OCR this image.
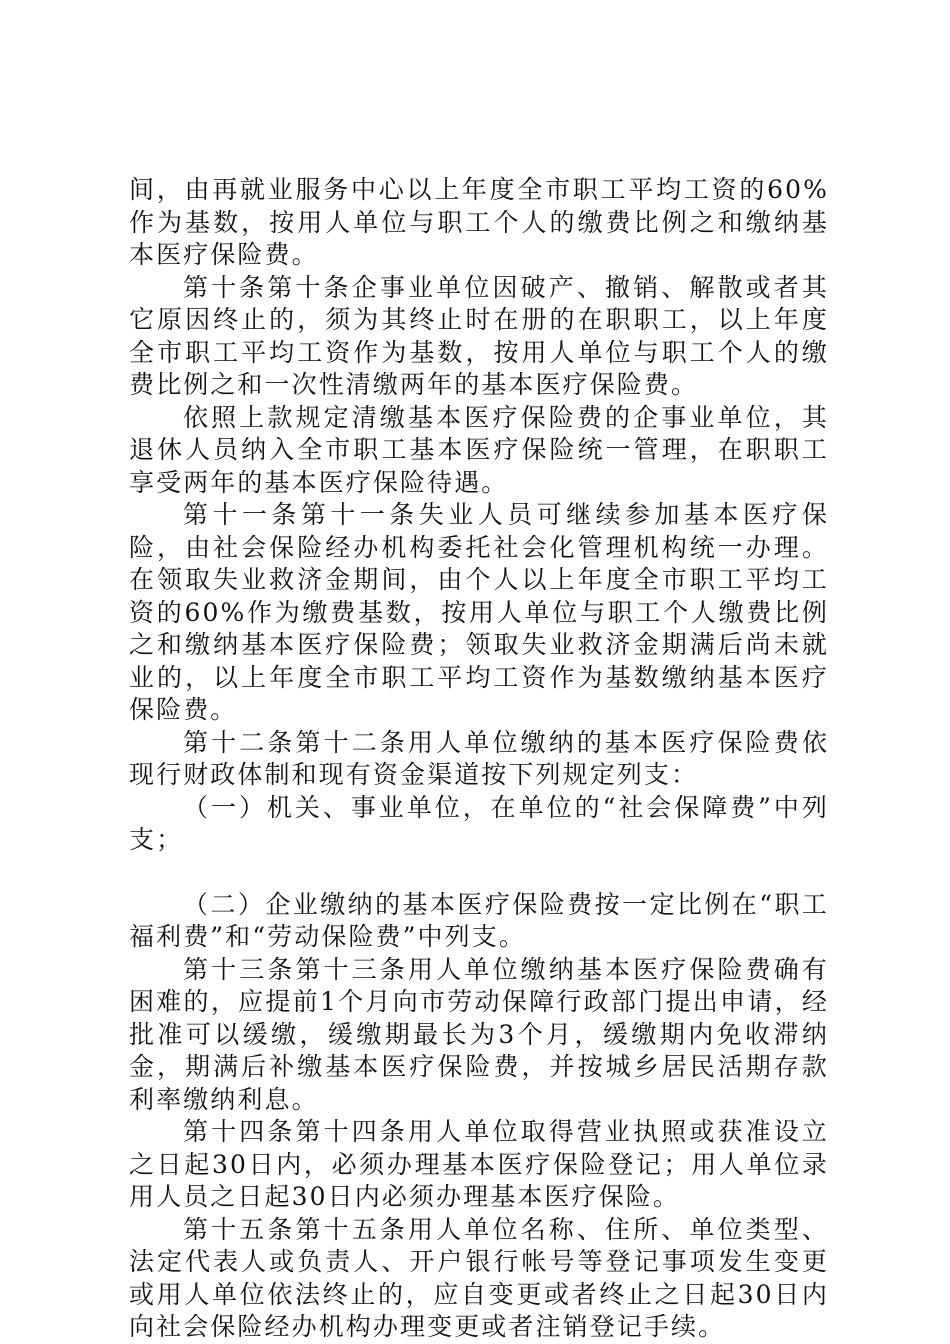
间，由再就业服务中心以上年度全市职工平均工资的60%作为基数，按用人单位与职工个人的缴费比例之和缴纳基本医疗保险费。

第十条第十条企事业单位因破产、撤销、解散或者其它原因终止的，须为其终止时在册的在职职工，以上年度全市职工平均工资作为基数，按用人单位与职工个人的缴费比例之和一次性清缴两年的基本医疗保险费。

依照上款规定清缴基本医疗保险费的企事业单位，其退休人员纳入全市职工基本医疗保险统一管理，在职职工享受两年的基本医疗保险待遇。

第十一条第十一条失业人员可继续参加基本医疗保险，由社会保险经办机构委托社会化管理机构统一办理。在领取失业救济金期间，由个人以上年度全市职工平均工资的60%作为缴费基数，按用人单位与职工个人缴费比例之和缴纳基本医疗保险费；领取失业救济金期满后尚未就业的，以上年度全市职工平均工资作为基数缴纳基本医疗保险费。

第十二条第十二条用人单位缴纳的基本医疗保险费依现行财政体制和现有资金渠道按下列规定列支：

（一）机关、事业单位，在单位的“社会保障费”中列支；

（二）企业缴纳的基本医疗保险费按一定比例在“职工福利费”和“劳动保险费”中列支。

第十三条第十三条用人单位缴纳基本医疗保险费确有困难的，应提前1个月向市劳动保障行政部门提出申请，经批准可以缓缴，缓缴期最长为3个月，缓缴期内免收滞纳金，期满后补缴基本医疗保险费，并按城乡居民活期存款利率缴纳利息。

第十四条第十四条用人单位取得营业执照或获准设立之日起30日内，必须办理基本医疗保险登记；用人单位录用人员之日起30日内必须办理基本医疗保险。

第十五条第十五条用人单位名称、住所、单位类型、法定代表人或负责人、开户银行帐号等登记事项发生变更或用人单位依法终止的，应自变更或者终止之日起30日内向社会保险经办机构办理变更或者注销登记手续。
